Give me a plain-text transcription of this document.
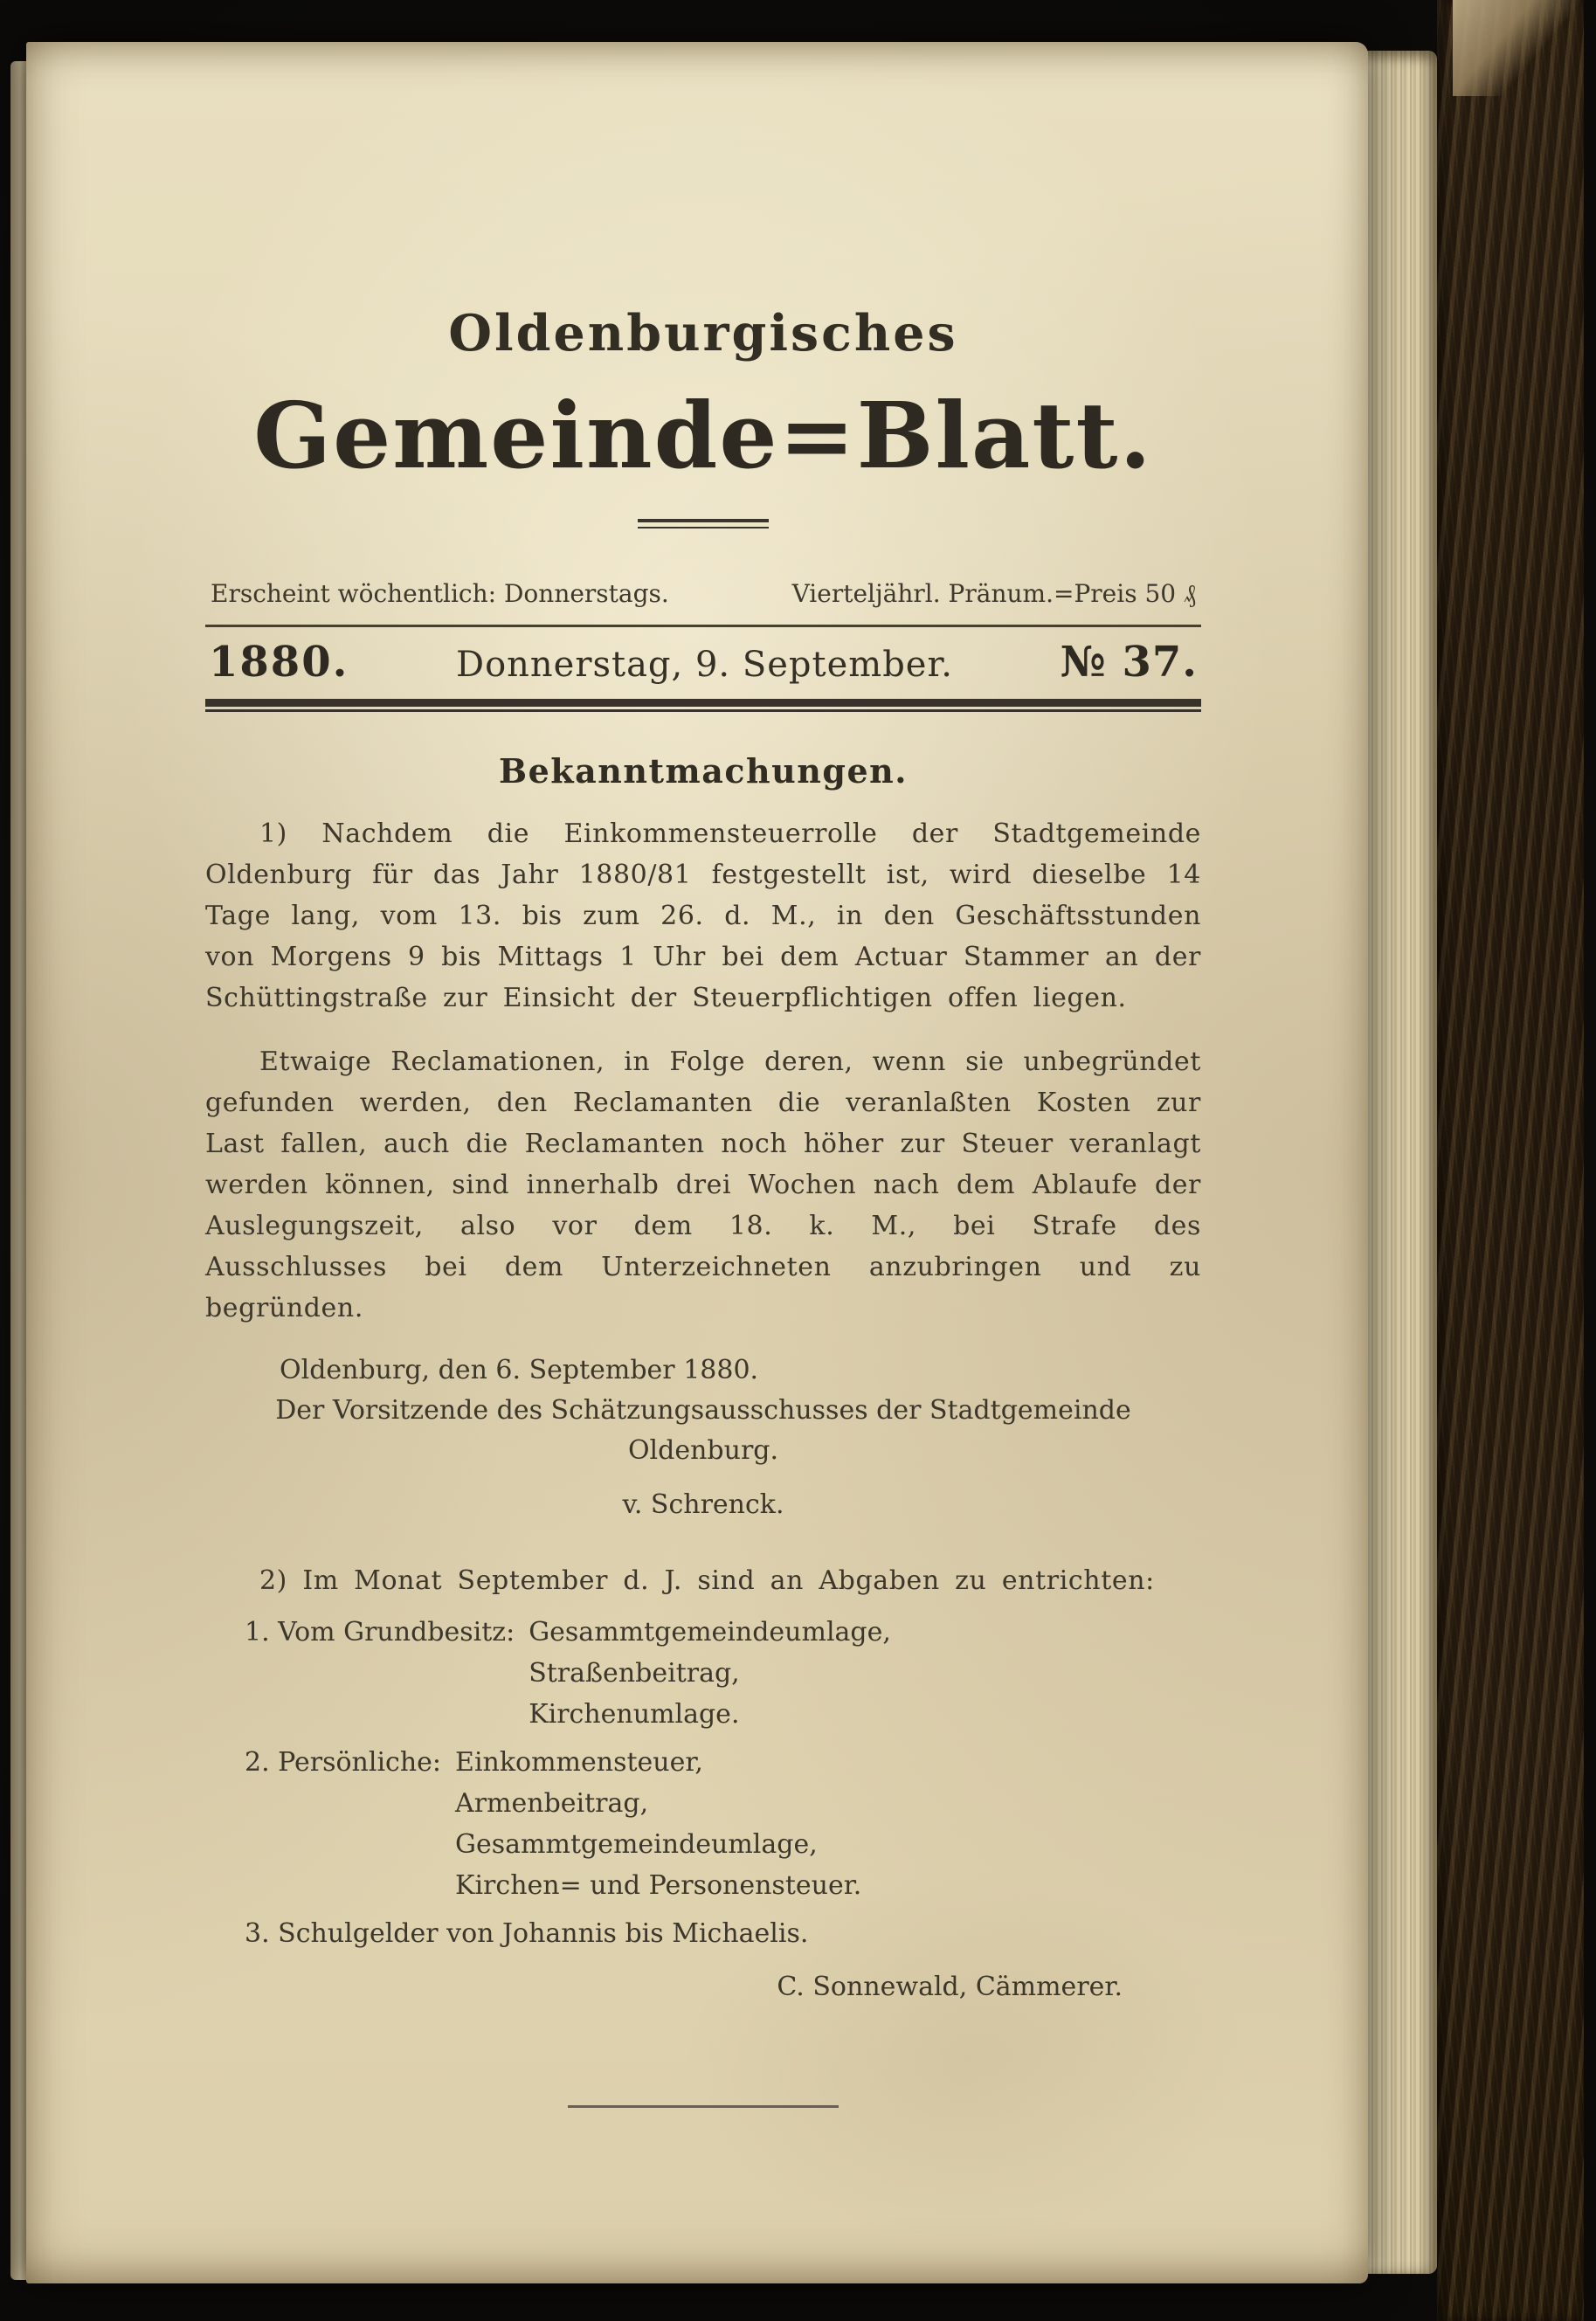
Oldenburgisches
Gemeinde=Blatt.
Erscheint wöchentlich: Donnerstags.	Vierteljährl. Pränum.=Preis 50 ₰
1880.	Donnerstag, 9. September.	№ 37.
Bekanntmachungen.

1) Nachdem die Einkommensteuerrolle der Stadtgemeinde Oldenburg für das Jahr 1880/81 festgestellt ist, wird dieselbe 14 Tage lang, vom 13. bis zum 26. d. M., in den Geschäftsstunden von Morgens 9 bis Mittags 1 Uhr bei dem Actuar Stammer an der Schüttingstraße zur Einsicht der Steuerpflichtigen offen liegen.

Etwaige Reclamationen, in Folge deren, wenn sie unbegründet gefunden werden, den Reclamanten die veranlaßten Kosten zur Last fallen, auch die Reclamanten noch höher zur Steuer veranlagt werden können, sind innerhalb drei Wochen nach dem Ablaufe der Auslegungszeit, also vor dem 18. k. M., bei Strafe des Ausschlusses bei dem Unterzeichneten anzubringen und zu begründen.

Oldenburg, den 6. September 1880.
Der Vorsitzende des Schätzungsausschusses der Stadtgemeinde
Oldenburg.
v. Schrenck.

2) Im Monat September d. J. sind an Abgaben zu entrichten:

1. Vom Grundbesitz: Gesammtgemeindeumlage,
Straßenbeitrag,
Kirchenumlage.
2. Persönliche: Einkommensteuer,
Armenbeitrag,
Gesammtgemeindeumlage,
Kirchen= und Personensteuer.
3. Schulgelder von Johannis bis Michaelis.
C. Sonnewald, Cämmerer.
